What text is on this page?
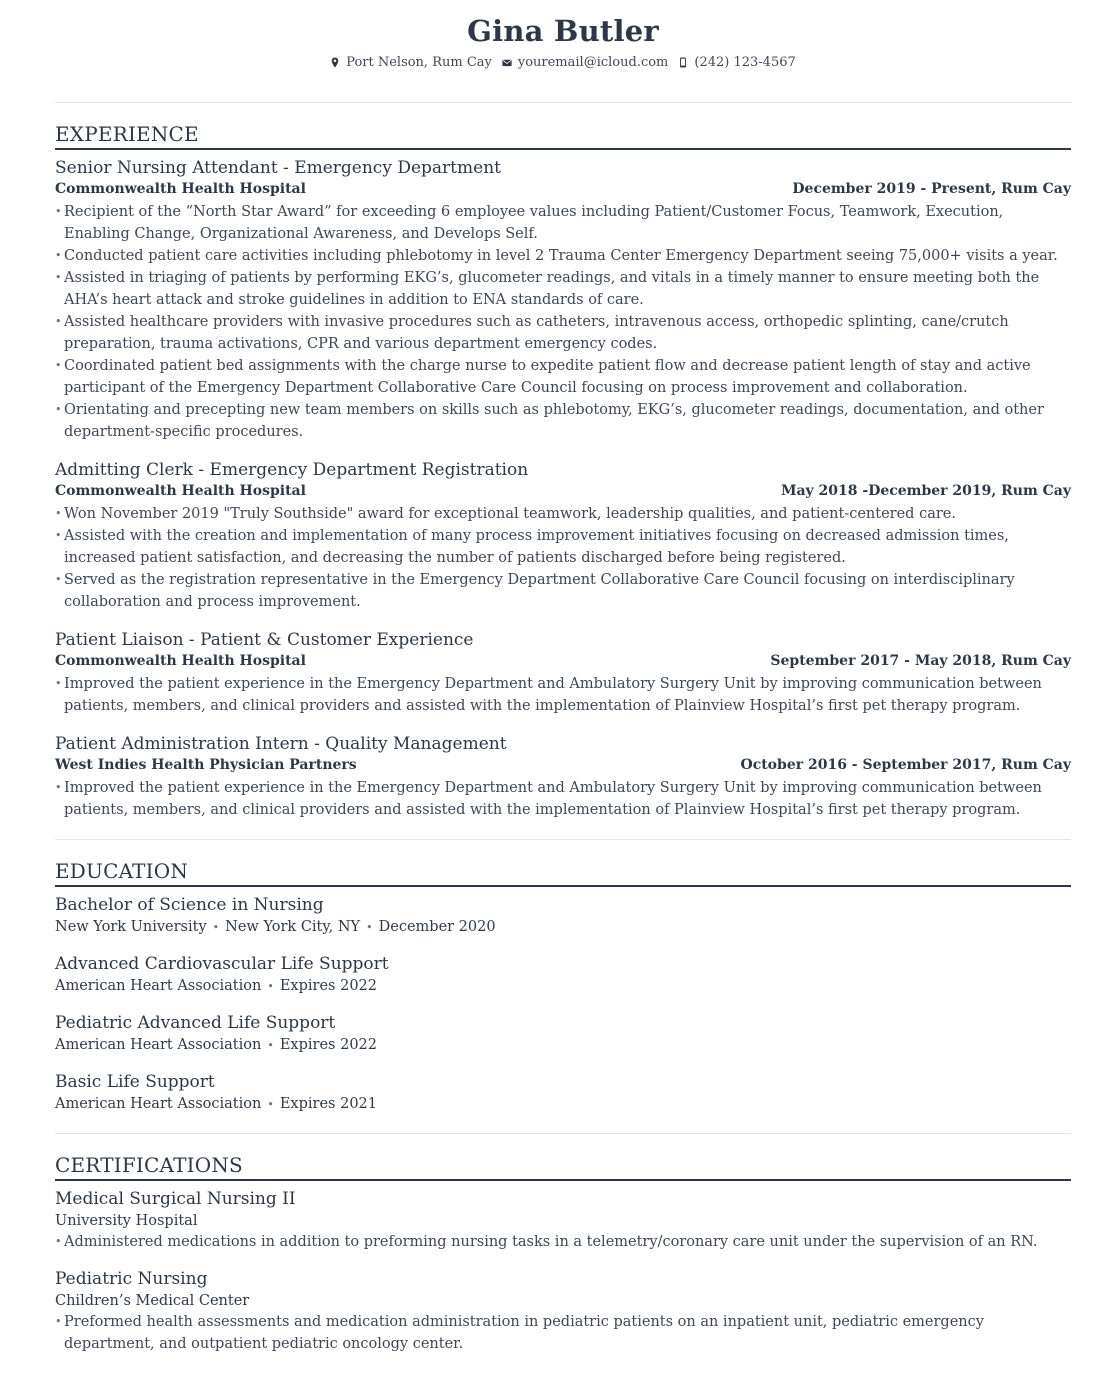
Gina Butler
Port Nelson, Rum Cay youremail@icloud.com (242) 123-4567
EXPERIENCE
Senior Nursing Attendant - Emergency Department
Commonwealth Health Hospital	December 2019 - Present, Rum Cay
• Recipient of the “North Star Award” for exceeding 6 employee values including Patient/Customer Focus, Teamwork, Execution, Enabling Change, Organizational Awareness, and Develops Self.
• Conducted patient care activities including phlebotomy in level 2 Trauma Center Emergency Department seeing 75,000+ visits a year.
• Assisted in triaging of patients by performing EKG’s, glucometer readings, and vitals in a timely manner to ensure meeting both the AHA’s heart attack and stroke guidelines in addition to ENA standards of care.
• Assisted healthcare providers with invasive procedures such as catheters, intravenous access, orthopedic splinting, cane/crutch preparation, trauma activations, CPR and various department emergency codes.
• Coordinated patient bed assignments with the charge nurse to expedite patient flow and decrease patient length of stay and active participant of the Emergency Department Collaborative Care Council focusing on process improvement and collaboration.
• Orientating and precepting new team members on skills such as phlebotomy, EKG’s, glucometer readings, documentation, and other department-specific procedures.
Admitting Clerk - Emergency Department Registration
Commonwealth Health Hospital	May 2018 -December 2019, Rum Cay
• Won November 2019 "Truly Southside" award for exceptional teamwork, leadership qualities, and patient-centered care.
• Assisted with the creation and implementation of many process improvement initiatives focusing on decreased admission times, increased patient satisfaction, and decreasing the number of patients discharged before being registered.
• Served as the registration representative in the Emergency Department Collaborative Care Council focusing on interdisciplinary collaboration and process improvement.
Patient Liaison - Patient & Customer Experience
Commonwealth Health Hospital	September 2017 - May 2018, Rum Cay
• Improved the patient experience in the Emergency Department and Ambulatory Surgery Unit by improving communication between patients, members, and clinical providers and assisted with the implementation of Plainview Hospital’s first pet therapy program.
Patient Administration Intern - Quality Management
West Indies Health Physician Partners	October 2016 - September 2017, Rum Cay
• Improved the patient experience in the Emergency Department and Ambulatory Surgery Unit by improving communication between patients, members, and clinical providers and assisted with the implementation of Plainview Hospital’s first pet therapy program.
EDUCATION
Bachelor of Science in Nursing
New York University • New York City, NY • December 2020
Advanced Cardiovascular Life Support
American Heart Association • Expires 2022
Pediatric Advanced Life Support
American Heart Association • Expires 2022
Basic Life Support
American Heart Association • Expires 2021
CERTIFICATIONS
Medical Surgical Nursing II
University Hospital
• Administered medications in addition to preforming nursing tasks in a telemetry/coronary care unit under the supervision of an RN.
Pediatric Nursing
Children’s Medical Center
• Preformed health assessments and medication administration in pediatric patients on an inpatient unit, pediatric emergency department, and outpatient pediatric oncology center.
